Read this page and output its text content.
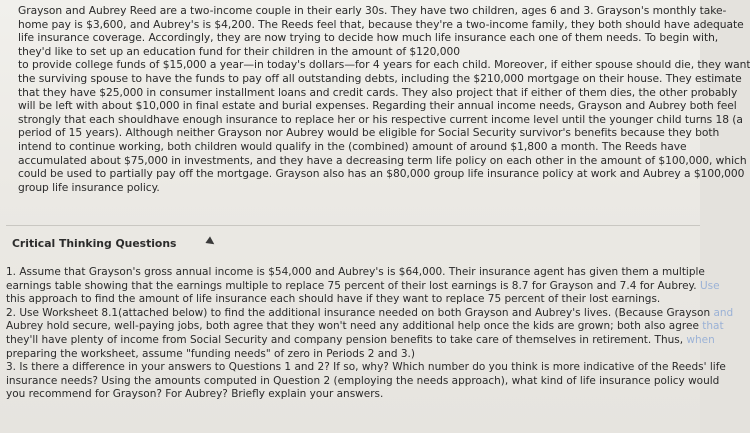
Grayson and Aubrey Reed are a two-income couple in their early 30s. They have two children, ages 6 and 3. Grayson's monthly take-
home pay is $3,600, and Aubrey's is $4,200. The Reeds feel that, because they're a two-income family, they both should have adequate
life insurance coverage. Accordingly, they are now trying to decide how much life insurance each one of them needs. To begin with,
they'd like to set up an education fund for their children in the amount of $120,000
to provide college funds of $15,000 a year—in today's dollars—for 4 years for each child. Moreover, if either spouse should die, they want
the surviving spouse to have the funds to pay off all outstanding debts, including the $210,000 mortgage on their house. They estimate
that they have $25,000 in consumer installment loans and credit cards. They also project that if either of them dies, the other probably
will be left with about $10,000 in final estate and burial expenses. Regarding their annual income needs, Grayson and Aubrey both feel
strongly that each shouldhave enough insurance to replace her or his respective current income level until the younger child turns 18 (a
period of 15 years). Although neither Grayson nor Aubrey would be eligible for Social Security survivor's benefits because they both
intend to continue working, both children would qualify in the (combined) amount of around $1,800 a month. The Reeds have
accumulated about $75,000 in investments, and they have a decreasing term life policy on each other in the amount of $100,000, which
could be used to partially pay off the mortgage. Grayson also has an $80,000 group life insurance policy at work and Aubrey a $100,000
group life insurance policy.
Critical Thinking Questions
1. Assume that Grayson's gross annual income is $54,000 and Aubrey's is $64,000. Their insurance agent has given them a multiple
earnings table showing that the earnings multiple to replace 75 percent of their lost earnings is 8.7 for Grayson and 7.4 for Aubrey. Use
this approach to find the amount of life insurance each should have if they want to replace 75 percent of their lost earnings.
2. Use Worksheet 8.1(attached below) to find the additional insurance needed on both Grayson and Aubrey's lives. (Because Grayson and
Aubrey hold secure, well-paying jobs, both agree that they won't need any additional help once the kids are grown; both also agree that
they'll have plenty of income from Social Security and company pension benefits to take care of themselves in retirement. Thus, when
preparing the worksheet, assume "funding needs" of zero in Periods 2 and 3.)
3. Is there a difference in your answers to Questions 1 and 2? If so, why? Which number do you think is more indicative of the Reeds' life
insurance needs? Using the amounts computed in Question 2 (employing the needs approach), what kind of life insurance policy would
you recommend for Grayson? For Aubrey? Briefly explain your answers.
